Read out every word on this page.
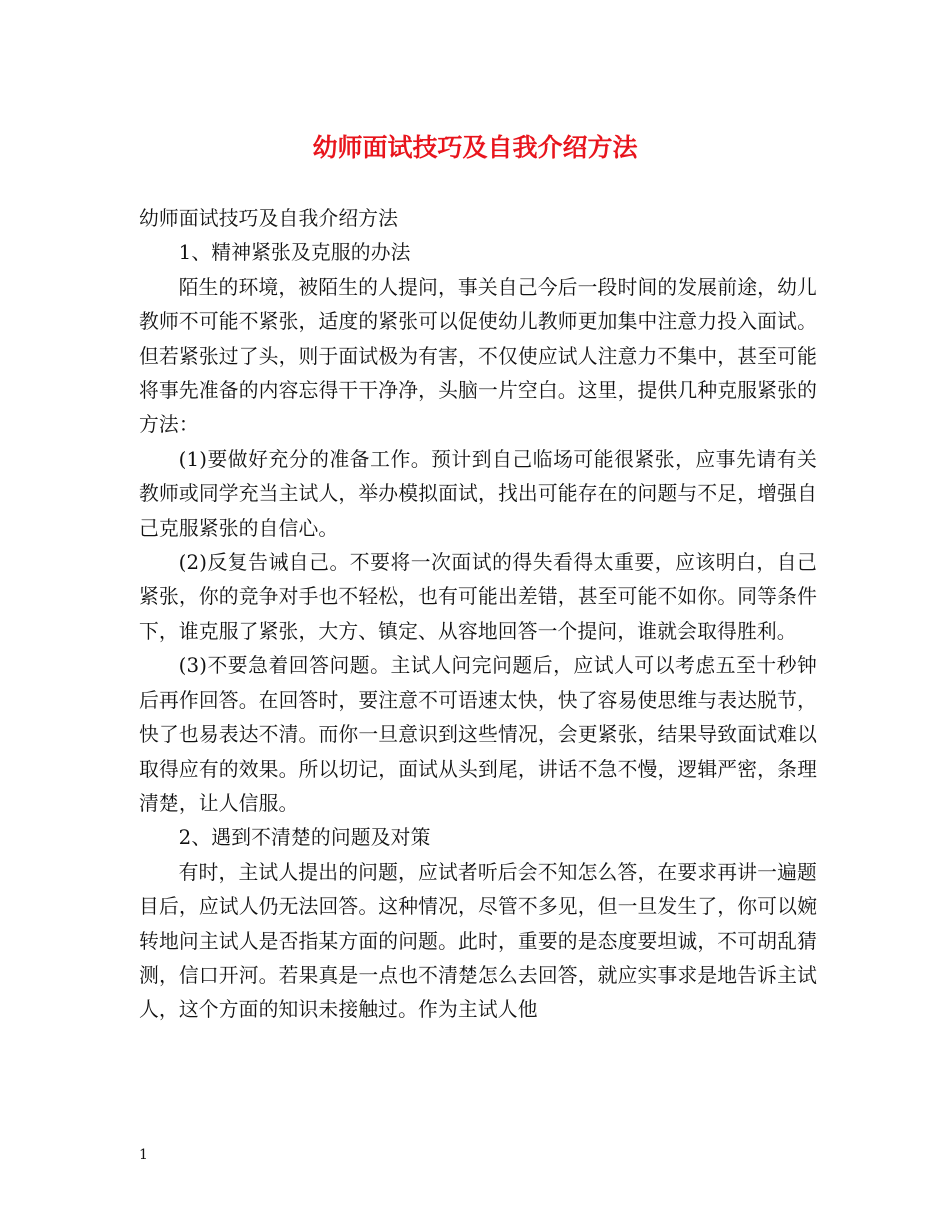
幼师面试技巧及自我介绍方法

幼师面试技巧及自我介绍方法

1、精神紧张及克服的办法

陌生的环境，被陌生的人提问，事关自己今后一段时间的发展前途，幼儿教师不可能不紧张，适度的紧张可以促使幼儿教师更加集中注意力投入面试。但若紧张过了头，则于面试极为有害，不仅使应试人注意力不集中，甚至可能将事先准备的内容忘得干干净净，头脑一片空白。这里，提供几种克服紧张的方法：

(1)要做好充分的准备工作。预计到自己临场可能很紧张，应事先请有关教师或同学充当主试人，举办模拟面试，找出可能存在的问题与不足，增强自己克服紧张的自信心。

(2)反复告诫自己。不要将一次面试的得失看得太重要，应该明白，自己紧张，你的竞争对手也不轻松，也有可能出差错，甚至可能不如你。同等条件下，谁克服了紧张，大方、镇定、从容地回答一个提问，谁就会取得胜利。

(3)不要急着回答问题。主试人问完问题后，应试人可以考虑五至十秒钟后再作回答。在回答时，要注意不可语速太快，快了容易使思维与表达脱节，快了也易表达不清。而你一旦意识到这些情况，会更紧张，结果导致面试难以取得应有的效果。所以切记，面试从头到尾，讲话不急不慢，逻辑严密，条理清楚，让人信服。

2、遇到不清楚的问题及对策

有时，主试人提出的问题，应试者听后会不知怎么答，在要求再讲一遍题目后，应试人仍无法回答。这种情况，尽管不多见，但一旦发生了，你可以婉转地问主试人是否指某方面的问题。此时，重要的是态度要坦诚，不可胡乱猜测，信口开河。若果真是一点也不清楚怎么去回答，就应实事求是地告诉主试人，这个方面的知识未接触过。作为主试人他

1
